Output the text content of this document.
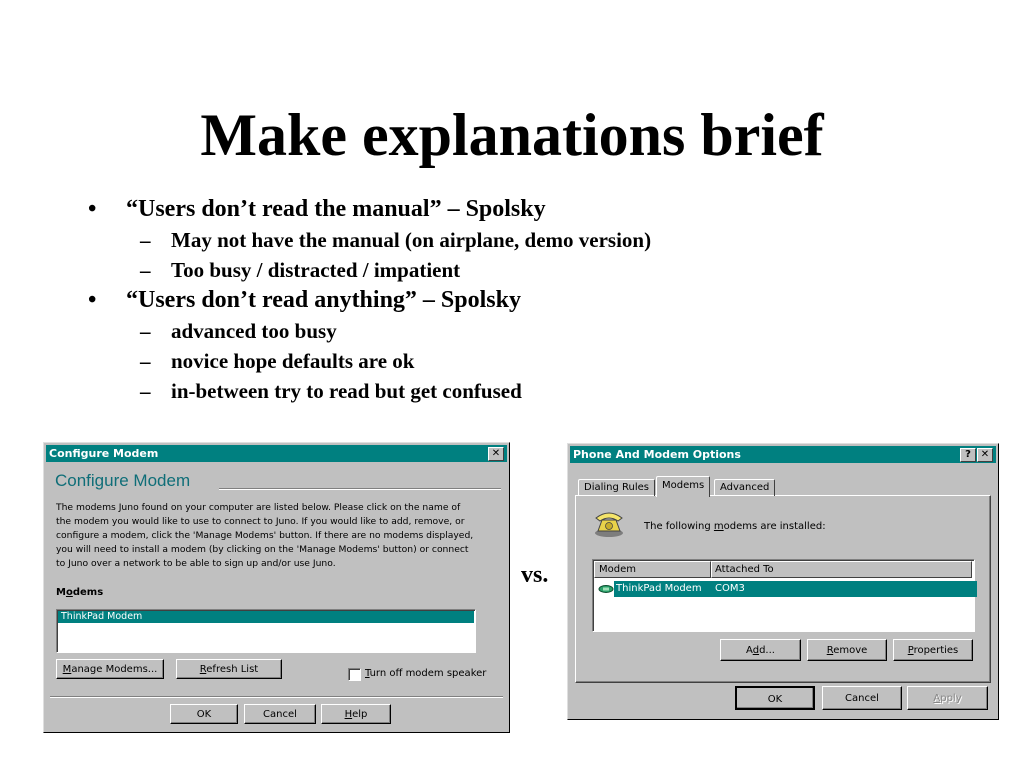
Make explanations brief
• “Users don’t read the manual” – Spolsky
– May not have the manual (on airplane, demo version)
– Too busy / distracted / impatient
• “Users don’t read anything” – Spolsky
– advanced too busy
– novice hope defaults are ok
– in-between try to read but get confused
vs.
Configure Modem	✕
Configure Modem
The modems Juno found on your computer are listed below. Please click on the name of the modem you would like to use to connect to Juno. If you would like to add, remove, or configure a modem, click the 'Manage Modems' button. If there are no modems displayed, you will need to install a modem (by clicking on the 'Manage Modems' button) or connect to Juno over a network to be able to sign up and/or use Juno.
Modems
ThinkPad Modem
Manage Modems...	Refresh List	Turn off modem speaker
OK	Cancel	Help
Phone And Modem Options	? ✕
Dialing Rules	Modems	Advanced
The following modems are installed:
Modem	Attached To
ThinkPad Modem	COM3
Add...	Remove	Properties
OK	Cancel	Apply
